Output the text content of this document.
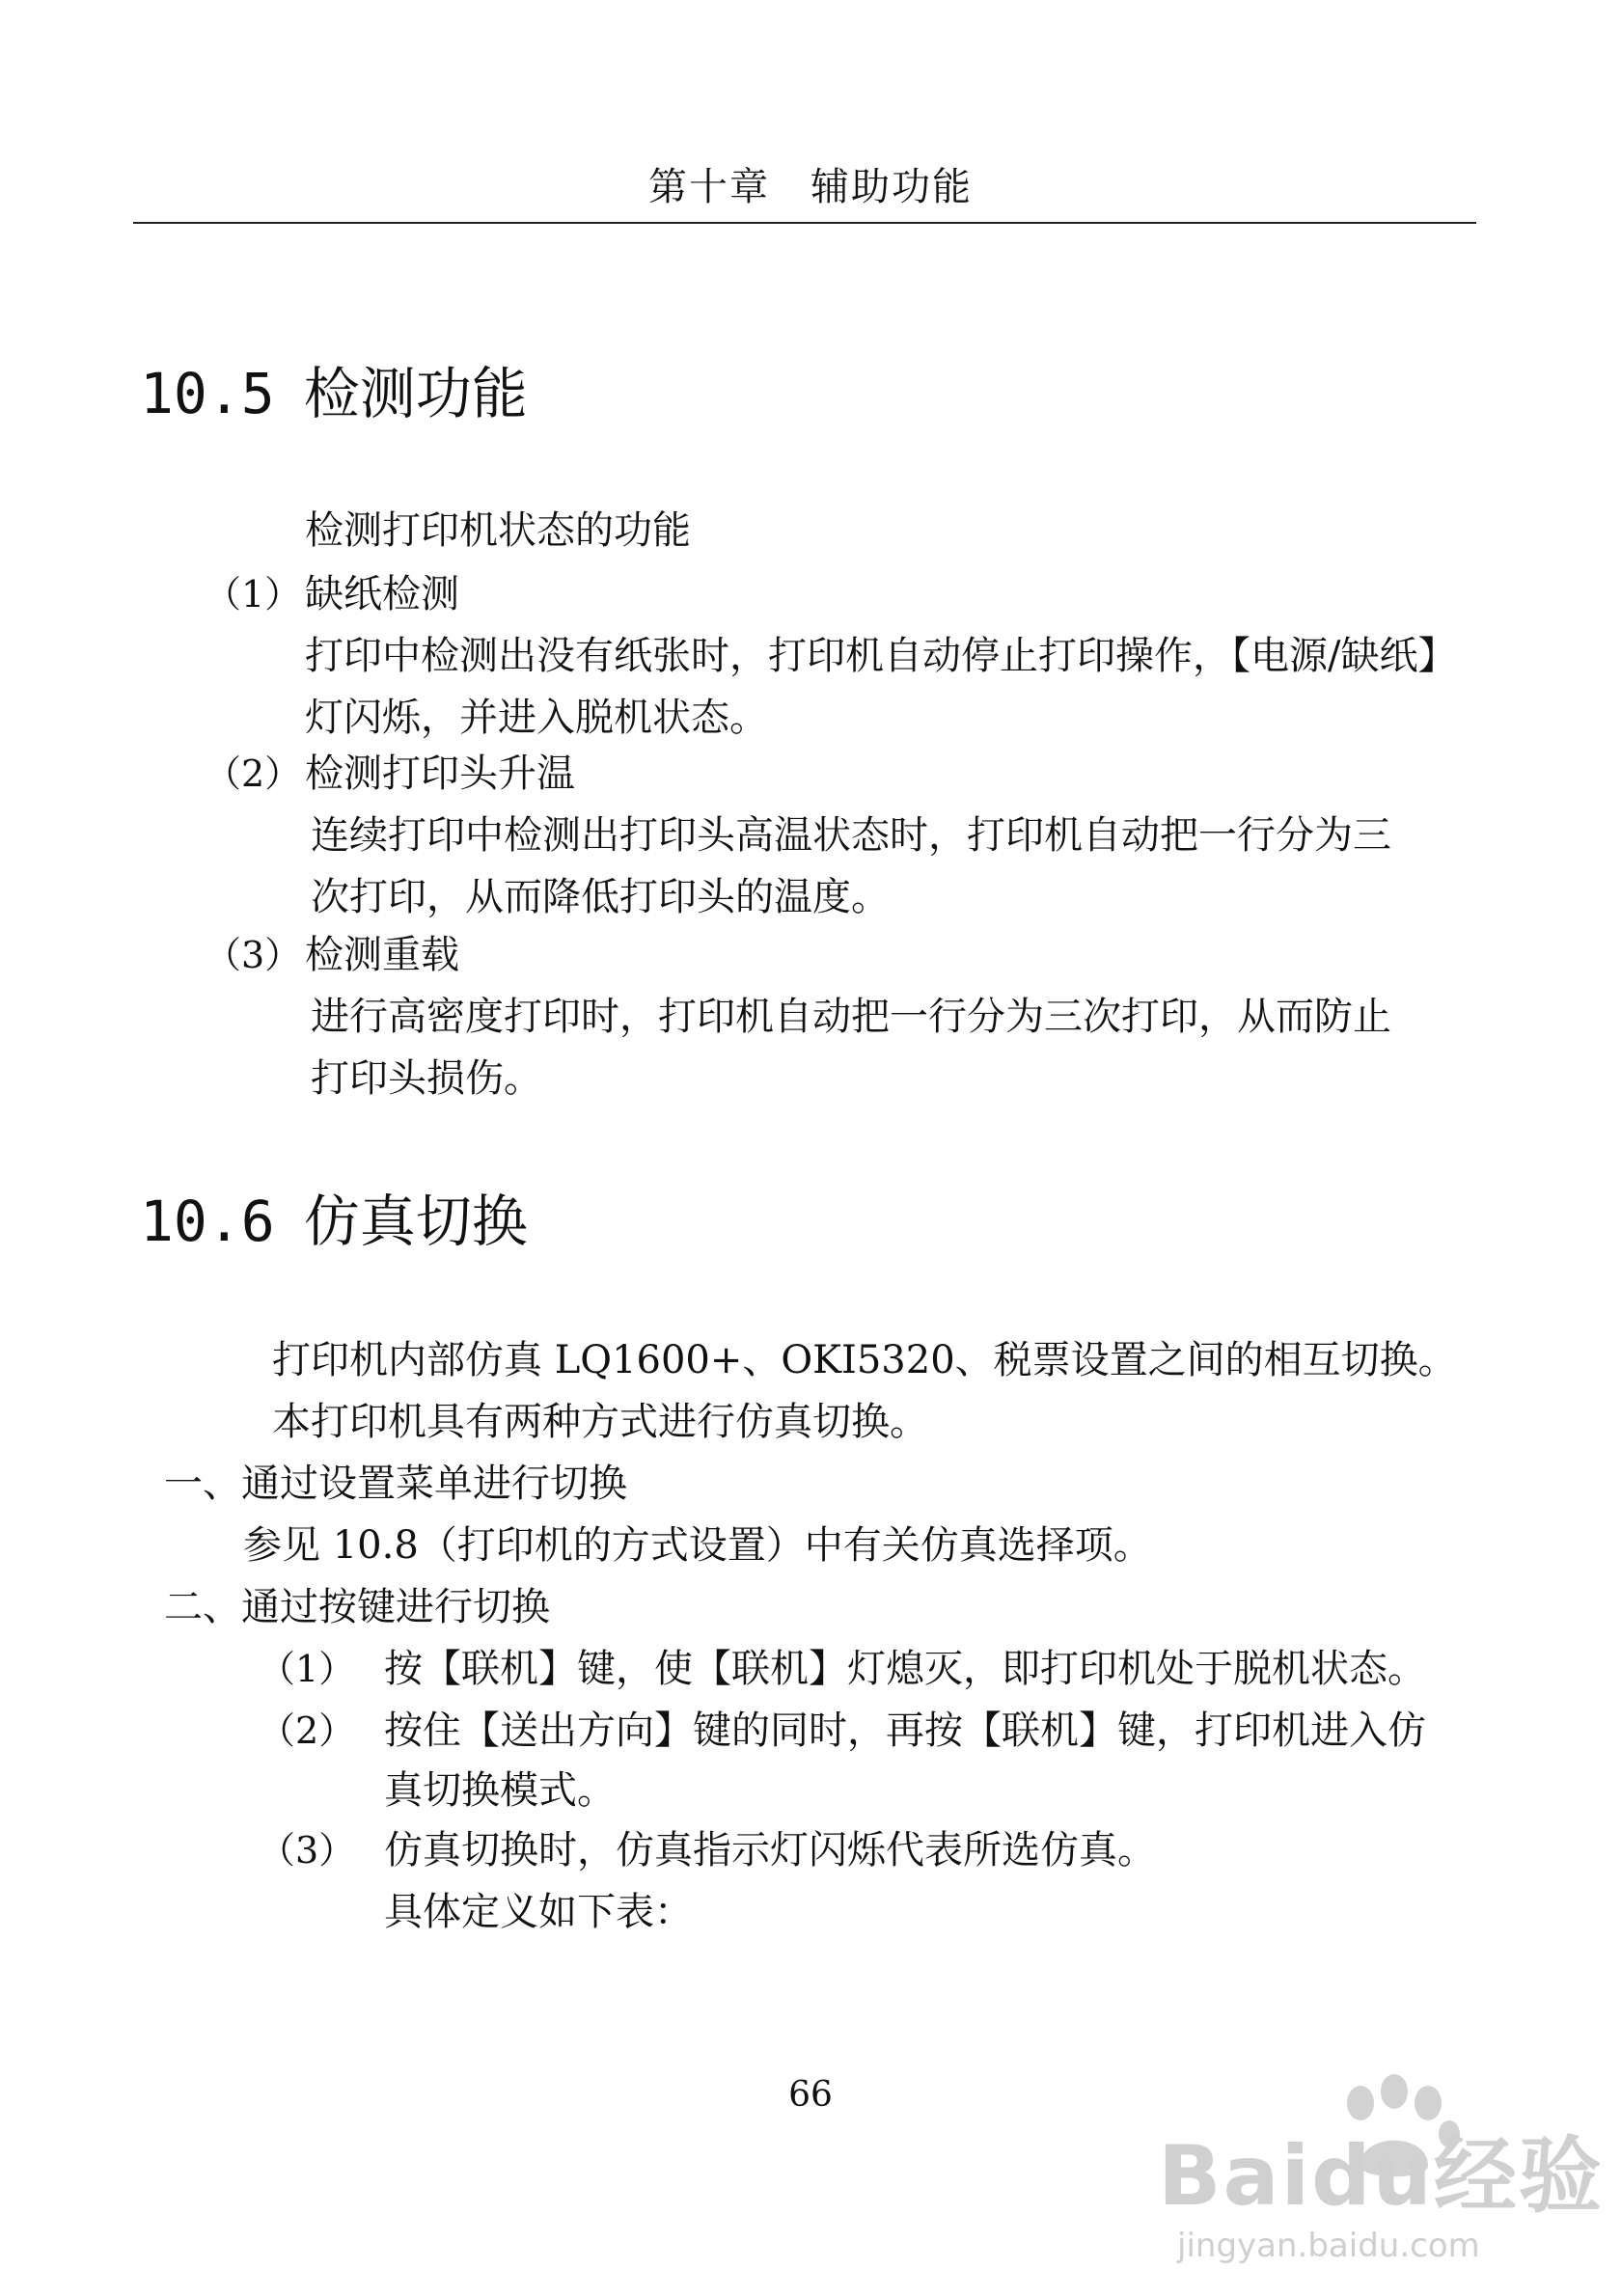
第十章　辅助功能
10.5 检测功能
检测打印机状态的功能
（1） 缺纸检测
打印中检测出没有纸张时，打印机自动停止打印操作，【电源/缺纸】
灯闪烁，并进入脱机状态。
（2） 检测打印头升温
连续打印中检测出打印头高温状态时，打印机自动把一行分为三
次打印，从而降低打印头的温度。
（3） 检测重载
进行高密度打印时，打印机自动把一行分为三次打印，从而防止
打印头损伤。
10.6 仿真切换
打印机内部仿真 LQ1600+、OKI5320、税票设置之间的相互切换。
本打印机具有两种方式进行仿真切换。
一、通过设置菜单进行切换
参见 10.8（打印机的方式设置）中有关仿真选择项。
二、通过按键进行切换
（1） 按【联机】键，使【联机】灯熄灭，即打印机处于脱机状态。
（2） 按住【送出方向】键的同时，再按【联机】键，打印机进入仿
真切换模式。
（3） 仿真切换时，仿真指示灯闪烁代表所选仿真。
具体定义如下表：
66
Baidu经验
jingyan.baidu.com
